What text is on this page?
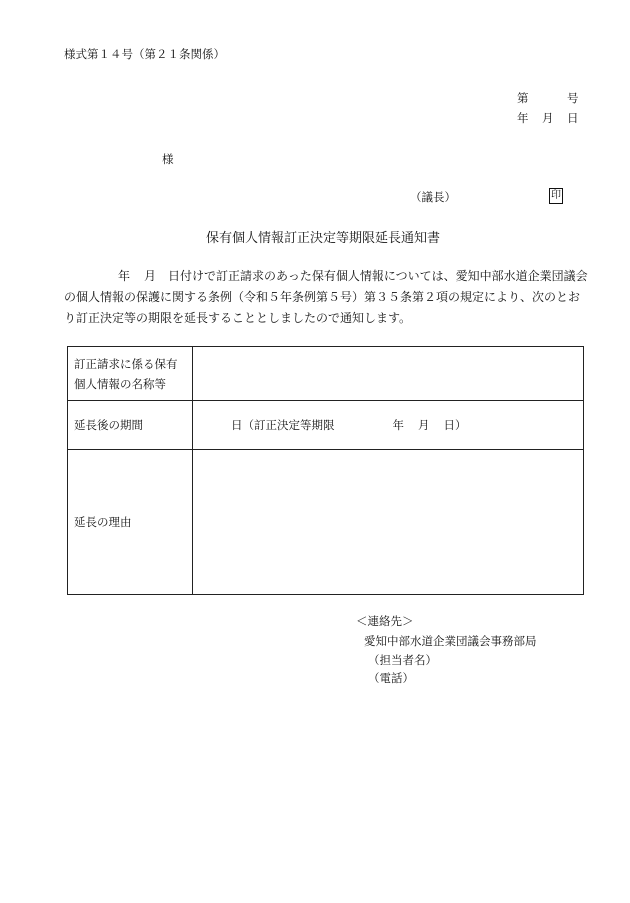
様式第１４号（第２１条関係）
第	号
年 月 日
様
（議長）	印
保有個人情報訂正決定等期限延長通知書
年 月 日付けで訂正請求のあった保有個人情報については、愛知中部水道企業団議会
の個人情報の保護に関する条例（令和５年条例第５号）第３５条第２項の規定により、次のとお
り訂正決定等の期限を延長することとしましたので通知します。
訂正請求に係る保有
個人情報の名称等	

延長後の期間	日（訂正決定等期限 年 月 日）
延長の理由	
＜連絡先＞
愛知中部水道企業団議会事務部局
（担当者名）
（電話）
